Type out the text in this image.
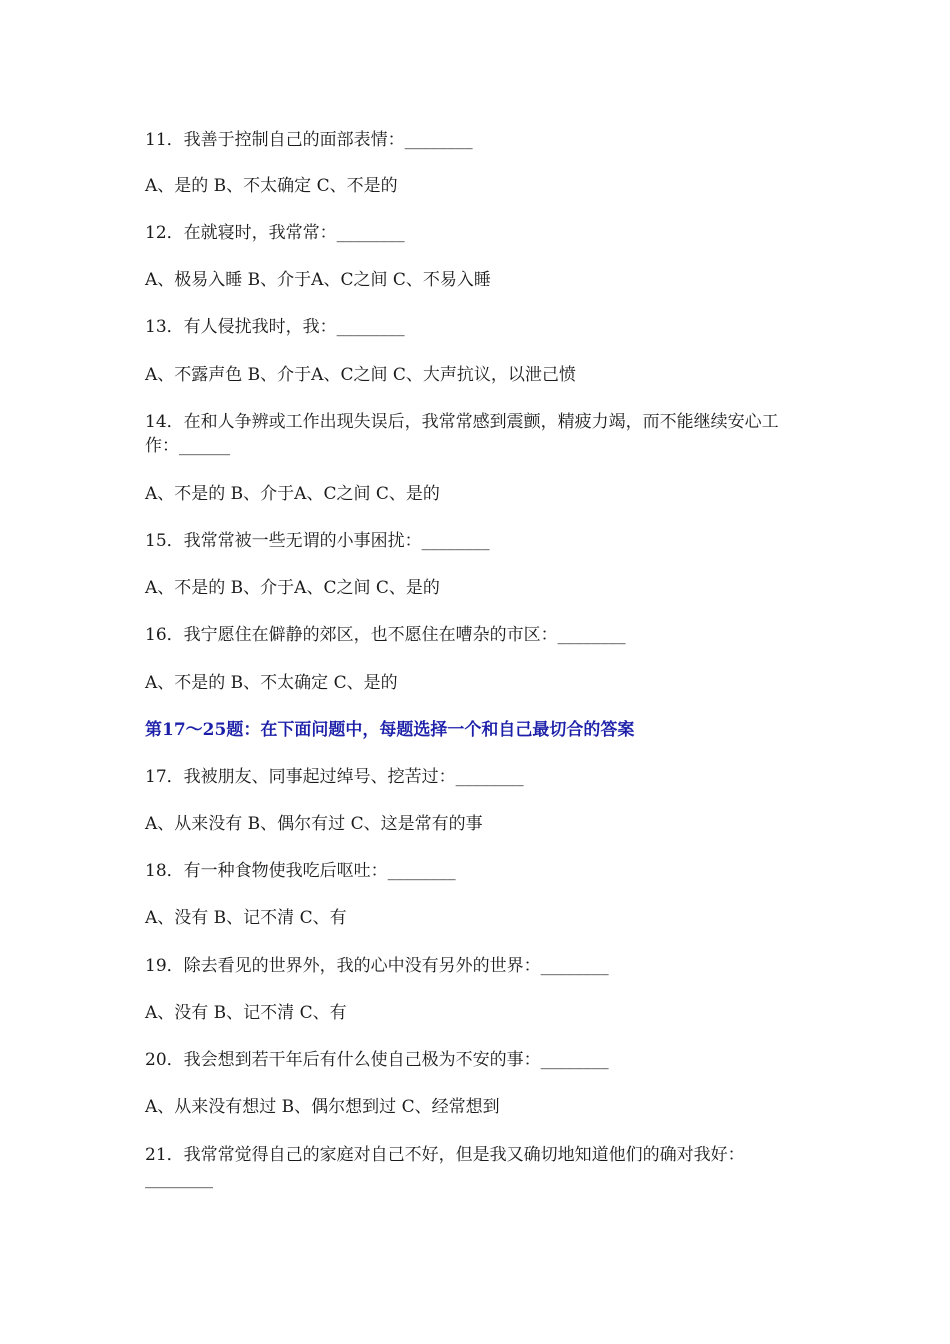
11．我善于控制自己的面部表情：________
A、是的 B、不太确定 C、不是的
12．在就寝时，我常常：________
A、极易入睡 B、介于A、C之间 C、不易入睡
13．有人侵扰我时，我：________
A、不露声色 B、介于A、C之间 C、大声抗议，以泄己愤
14．在和人争辨或工作出现失误后，我常常感到震颤，精疲力竭，而不能继续安心工作：______
A、不是的 B、介于A、C之间 C、是的
15．我常常被一些无谓的小事困扰：________
A、不是的 B、介于A、C之间 C、是的
16．我宁愿住在僻静的郊区，也不愿住在嘈杂的市区：________
A、不是的 B、不太确定 C、是的
第17～25题：在下面问题中，每题选择一个和自己最切合的答案
17．我被朋友、同事起过绰号、挖苦过：________
A、从来没有 B、偶尔有过 C、这是常有的事
18．有一种食物使我吃后呕吐：________
A、没有 B、记不清 C、有
19．除去看见的世界外，我的心中没有另外的世界：________
A、没有 B、记不清 C、有
20．我会想到若干年后有什么使自己极为不安的事：________
A、从来没有想过 B、偶尔想到过 C、经常想到
21．我常常觉得自己的家庭对自己不好，但是我又确切地知道他们的确对我好：________
